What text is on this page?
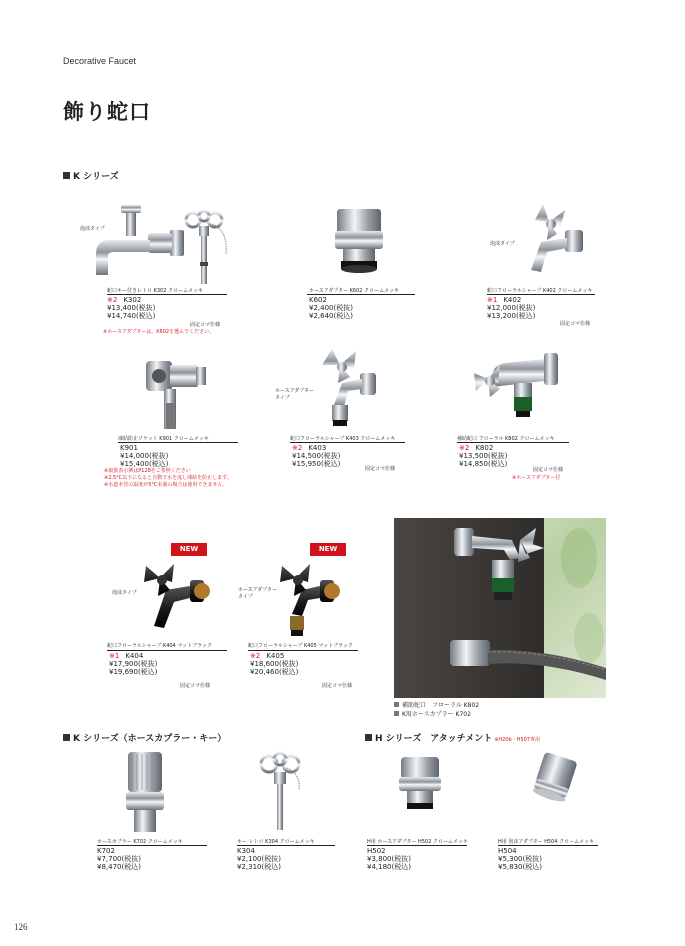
Decorative Faucet
飾り蛇口
K シリーズ
泡沫タイプ
蛇口キー付きレトロ K302 クロームメッキ
※2 K302
¥13,400(税抜)
¥14,740(税込)
固定コマ仕様
※ホースアダプターは、K602を選んでください。
ホースアダプター K602 クロームメッキ
K602
¥2,400(税抜)
¥2,640(税込)
泡沫タイプ
蛇口フローラルシャープ K402 クロームメッキ
※1 K402
¥12,000(税抜)
¥13,200(税込)
固定コマ仕様
凍結防止ソケット K901 クロームメッキ
K901
¥14,000(税抜)
¥15,400(税込)
※取扱表示例はP128をご参照ください
※2.5°C以下になると自動で水を流し凍結を防止します。
※水道本管の温度が5°C未満の場合は使用できません。
ホースアダプター
タイプ
蛇口フローラルシャープ K403 クロームメッキ
※2 K403
¥14,500(税抜)
¥15,950(税込)
固定コマ仕様
補助蛇口 フローラル K802 クロームメッキ
※2 K802
¥13,500(税抜)
¥14,850(税込)
固定コマ仕様
※ホースアダプター付
NEW
泡沫タイプ
蛇口フローラルシャープ K404 マットブラック
※1 K404
¥17,900(税抜)
¥19,690(税込)
固定コマ仕様
NEW
ホースアダプター
タイプ
蛇口フローラルシャープ K405 マットブラック
※2 K405
¥18,600(税抜)
¥20,460(税込)
固定コマ仕様
補助蛇口　フローラル K802
K用ホースカプラー K702
K シリーズ（ホースカプラー・キー）	H シリーズ　アタッチメント ※H20b・H507専用
ホースカプラー K702 クロームメッキ
K702
¥7,700(税抜)
¥8,470(税込)
キー レトロ K304 クロームメッキ
K304
¥2,100(税抜)
¥2,310(税込)
H用 ホースアダプター H502 クロームメッキ
H502
¥3,800(税抜)
¥4,180(税込)
H用 泡沫アダプター H504 クロームメッキ
H504
¥5,300(税抜)
¥5,830(税込)
126
